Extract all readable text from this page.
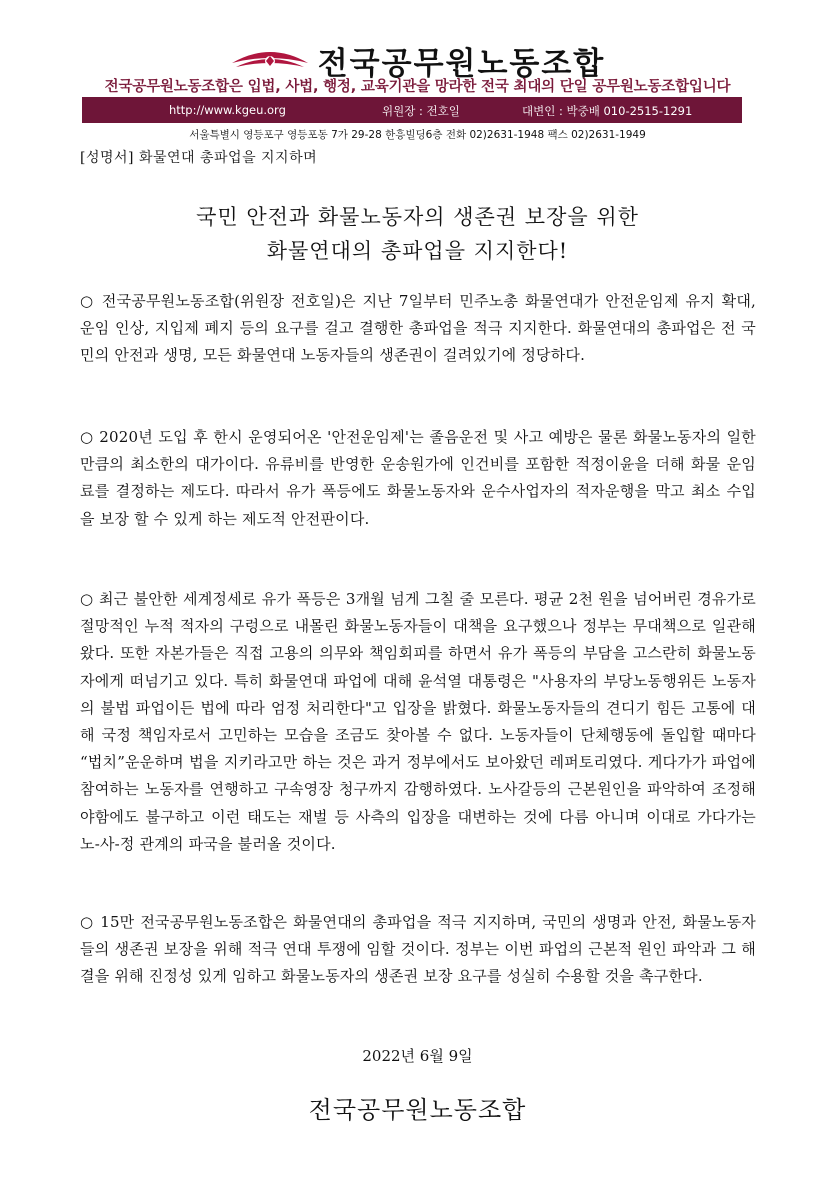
전국공무원노동조합
전국공무원노동조합은 입법, 사법, 행정, 교육기관을 망라한 전국 최대의 단일 공무원노동조합입니다
http://www.kgeu.org	위원장 : 전호일	대변인 : 박중배 010-2515-1291
서울특별시 영등포구 영등포동 7가 29-28 한흥빌딩6층 전화 02)2631-1948 팩스 02)2631-1949
[성명서] 화물연대 총파업을 지지하며
국민 안전과 화물노동자의 생존권 보장을 위한
화물연대의 총파업을 지지한다!
○ 전국공무원노동조합(위원장 전호일)은 지난 7일부터 민주노총 화물연대가 안전운임제 유지 확대, 운임 인상, 지입제 폐지 등의 요구를 걸고 결행한 총파업을 적극 지지한다. 화물연대의 총파업은 전 국민의 안전과 생명, 모든 화물연대 노동자들의 생존권이 걸려있기에 정당하다.
○ 2020년 도입 후 한시 운영되어온 '안전운임제'는 졸음운전 및 사고 예방은 물론 화물노동자의 일한 만큼의 최소한의 대가이다. 유류비를 반영한 운송원가에 인건비를 포함한 적정이윤을 더해 화물 운임료를 결정하는 제도다. 따라서 유가 폭등에도 화물노동자와 운수사업자의 적자운행을 막고 최소 수입을 보장 할 수 있게 하는 제도적 안전판이다.
○ 최근 불안한 세계정세로 유가 폭등은 3개월 넘게 그칠 줄 모른다. 평균 2천 원을 넘어버린 경유가로 절망적인 누적 적자의 구렁으로 내몰린 화물노동자들이 대책을 요구했으나 정부는 무대책으로 일관해왔다. 또한 자본가들은 직접 고용의 의무와 책임회피를 하면서 유가 폭등의 부담을 고스란히 화물노동자에게 떠넘기고 있다. 특히 화물연대 파업에 대해 윤석열 대통령은 "사용자의 부당노동행위든 노동자의 불법 파업이든 법에 따라 엄정 처리한다"고 입장을 밝혔다. 화물노동자들의 견디기 힘든 고통에 대해 국정 책임자로서 고민하는 모습을 조금도 찾아볼 수 없다. 노동자들이 단체행동에 돌입할 때마다 “법치”운운하며 법을 지키라고만 하는 것은 과거 정부에서도 보아왔던 레퍼토리였다. 게다가가 파업에 참여하는 노동자를 연행하고 구속영장 청구까지 감행하였다. 노사갈등의 근본원인을 파악하여 조정해야함에도 불구하고 이런 태도는 재벌 등 사측의 입장을 대변하는 것에 다름 아니며 이대로 가다가는 노-사-정 관계의 파국을 불러올 것이다.
○ 15만 전국공무원노동조합은 화물연대의 총파업을 적극 지지하며, 국민의 생명과 안전, 화물노동자들의 생존권 보장을 위해 적극 연대 투쟁에 임할 것이다. 정부는 이번 파업의 근본적 원인 파악과 그 해결을 위해 진정성 있게 임하고 화물노동자의 생존권 보장 요구를 성실히 수용할 것을 촉구한다.
2022년 6월 9일
전국공무원노동조합
